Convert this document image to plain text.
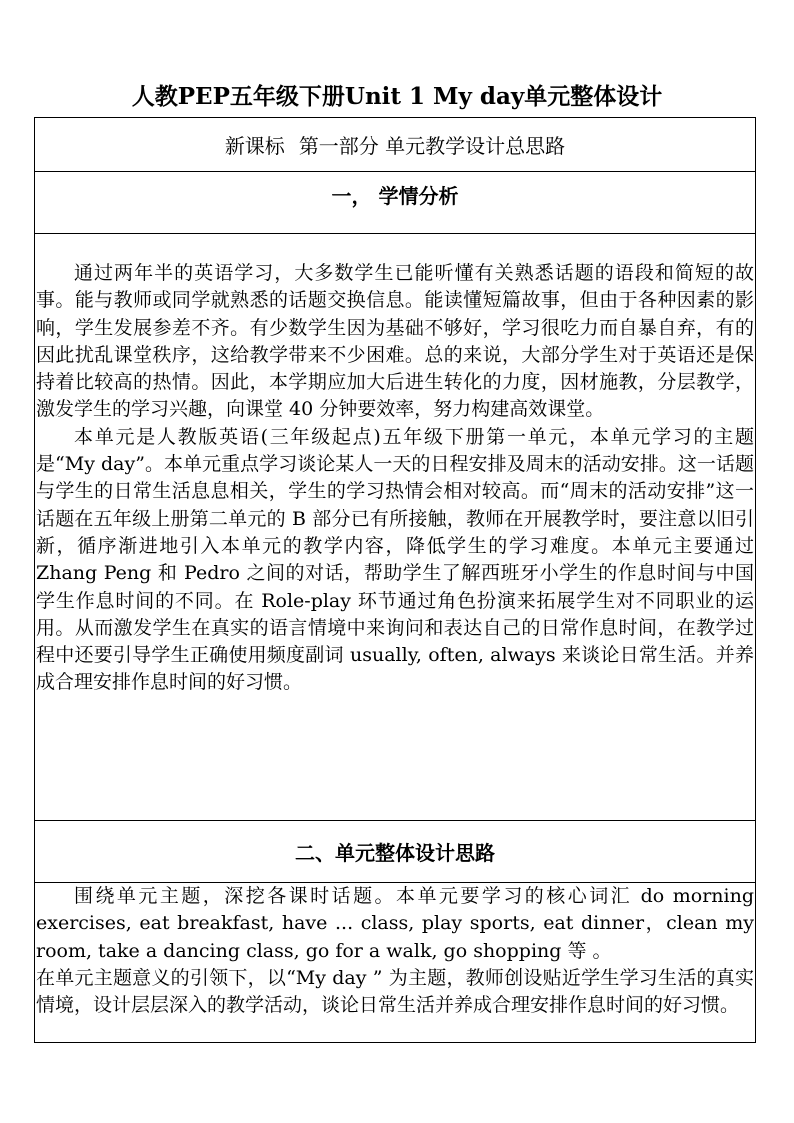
人教PEP五年级下册Unit 1 My day单元整体设计
新课标 第一部分 单元教学设计总思路
一， 学情分析

通过两年半的英语学习，大多数学生已能听懂有关熟悉话题的语段和简短的故事。能与教师或同学就熟悉的话题交换信息。能读懂短篇故事，但由于各种因素的影响，学生发展参差不齐。有少数学生因为基础不够好，学习很吃力而自暴自弃，有的因此扰乱课堂秩序，这给教学带来不少困难。总的来说，大部分学生对于英语还是保持着比较高的热情。因此，本学期应加大后进生转化的力度，因材施教，分层教学，激发学生的学习兴趣，向课堂 40 分钟要效率，努力构建高效课堂。

本单元是人教版英语(三年级起点)五年级下册第一单元，本单元学习的主题是“My day”。本单元重点学习谈论某人一天的日程安排及周末的活动安排。这一话题与学生的日常生活息息相关，学生的学习热情会相对较高。而“周末的活动安排”这一话题在五年级上册第二单元的 B 部分已有所接触，教师在开展教学时，要注意以旧引新，循序渐进地引入本单元的教学内容，降低学生的学习难度。本单元主要通过 Zhang Peng 和 Pedro 之间的对话，帮助学生了解西班牙小学生的作息时间与中国学生作息时间的不同。在 Role-play 环节通过角色扮演来拓展学生对不同职业的运用。从而激发学生在真实的语言情境中来询问和表达自己的日常作息时间，在教学过程中还要引导学生正确使用频度副词 usually, often, always 来谈论日常生活。并养成合理安排作息时间的好习惯。

二、单元整体设计思路

围绕单元主题，深挖各课时话题。本单元要学习的核心词汇 do morning exercises, eat breakfast, have ... class, play sports, eat dinner，clean my room, take a dancing class, go for a walk, go shopping 等 。

在单元主题意义的引领下，以“My day ” 为主题，教师创设贴近学生学习生活的真实情境，设计层层深入的教学活动，谈论日常生活并养成合理安排作息时间的好习惯。
